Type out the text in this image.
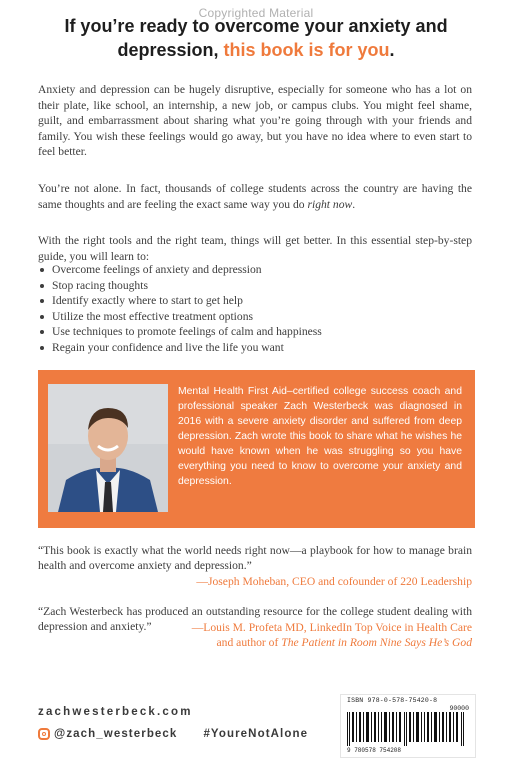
Copyrighted Material
If you’re ready to overcome your anxiety and depression, this book is for you.
Anxiety and depression can be hugely disruptive, especially for someone who has a lot on their plate, like school, an internship, a new job, or campus clubs. You might feel shame, guilt, and embarrassment about sharing what you’re going through with your friends and family. You wish these feelings would go away, but you have no idea where to even start to feel better.
You’re not alone. In fact, thousands of college students across the country are having the same thoughts and are feeling the exact same way you do right now.
With the right tools and the right team, things will get better. In this essential step-by-step guide, you will learn to:
Overcome feelings of anxiety and depression
Stop racing thoughts
Identify exactly where to start to get help
Utilize the most effective treatment options
Use techniques to promote feelings of calm and happiness
Regain your confidence and live the life you want
Mental Health First Aid–certified college success coach and professional speaker Zach Westerbeck was diagnosed in 2016 with a severe anxiety disorder and suffered from deep depression. Zach wrote this book to share what he wishes he would have known when he was struggling so you have everything you need to know to overcome your anxiety and depression.
“This book is exactly what the world needs right now—a playbook for how to manage brain health and overcome anxiety and depression.”
—Joseph Moheban, CEO and cofounder of 220 Leadership
“Zach Westerbeck has produced an outstanding resource for the college student dealing with depression and anxiety.”	—Louis M. Profeta MD, LinkedIn Top Voice in Health Care
and author of The Patient in Room Nine Says He’s God
zachwesterbeck.com
@zach_westerbeck #YoureNotAlone
ISBN 978-0-578-75420-8
90000
9 780578 754208
